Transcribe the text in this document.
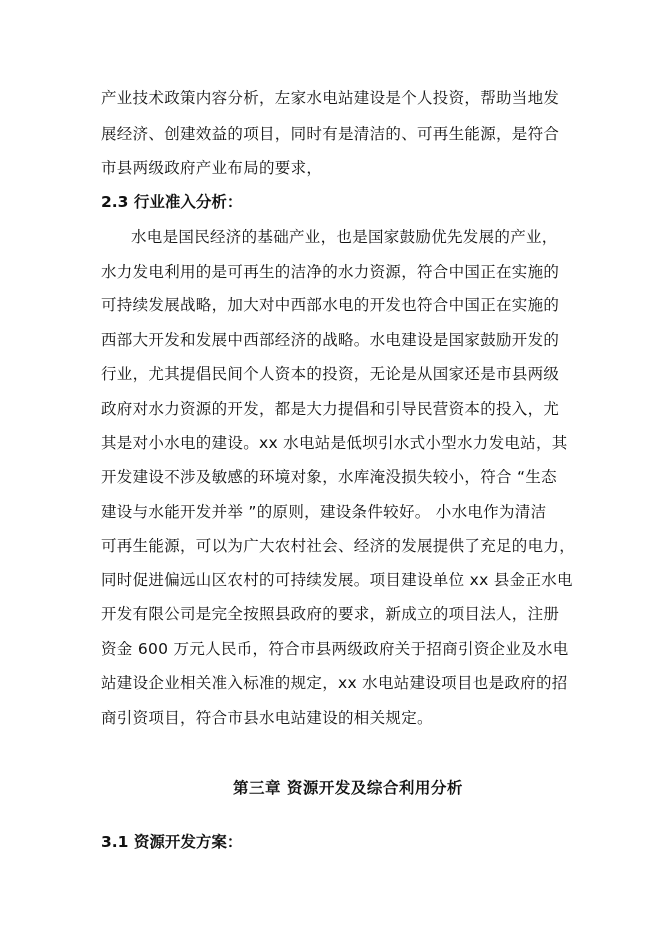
产业技术政策内容分析，左家水电站建设是个人投资，帮助当地发
展经济、创建效益的项目，同时有是清洁的、可再生能源，是符合
市县两级政府产业布局的要求，
2.3 行业准入分析：
水电是国民经济的基础产业，也是国家鼓励优先发展的产业，
水力发电利用的是可再生的洁净的水力资源，符合中国正在实施的
可持续发展战略，加大对中西部水电的开发也符合中国正在实施的
西部大开发和发展中西部经济的战略。水电建设是国家鼓励开发的
行业，尤其提倡民间个人资本的投资，无论是从国家还是市县两级
政府对水力资源的开发，都是大力提倡和引导民营资本的投入，尤
其是对小水电的建设。xx 水电站是低坝引水式小型水力发电站，其
开发建设不涉及敏感的环境对象，水库淹没损失较小，符合 “生态
建设与水能开发并举 ”的原则，建设条件较好。 小水电作为清洁
可再生能源，可以为广大农村社会、经济的发展提供了充足的电力，
同时促进偏远山区农村的可持续发展。项目建设单位 xx 县金正水电
开发有限公司是完全按照县政府的要求，新成立的项目法人，注册
资金 600 万元人民币，符合市县两级政府关于招商引资企业及水电
站建设企业相关准入标准的规定，xx 水电站建设项目也是政府的招
商引资项目，符合市县水电站建设的相关规定。
第三章 资源开发及综合利用分析
3.1 资源开发方案：
